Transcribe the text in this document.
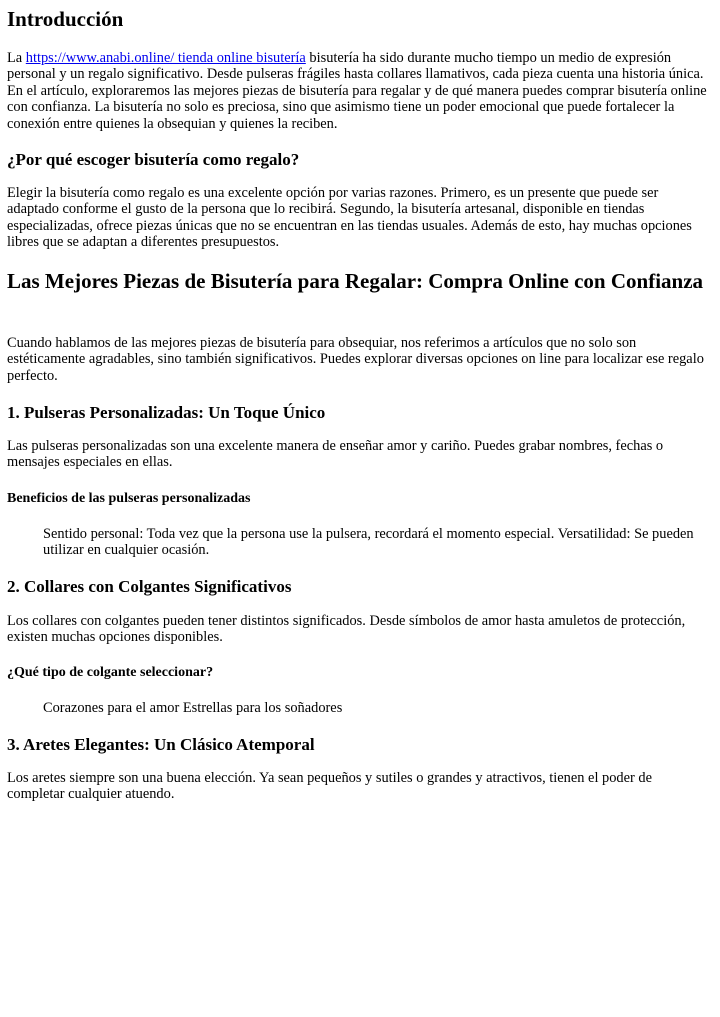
Introducción

La https://www.anabi.online/ tienda online bisutería bisutería ha sido durante mucho tiempo un medio de expresión personal y un regalo significativo. Desde pulseras frágiles hasta collares llamativos, cada pieza cuenta una historia única. En el artículo, exploraremos las mejores piezas de bisutería para regalar y de qué manera puedes comprar bisutería online con confianza. La bisutería no solo es preciosa, sino que asimismo tiene un poder emocional que puede fortalecer la conexión entre quienes la obsequian y quienes la reciben.

¿Por qué escoger bisutería como regalo?

Elegir la bisutería como regalo es una excelente opción por varias razones. Primero, es un presente que puede ser adaptado conforme el gusto de la persona que lo recibirá. Segundo, la bisutería artesanal, disponible en tiendas especializadas, ofrece piezas únicas que no se encuentran en las tiendas usuales. Además de esto, hay muchas opciones libres que se adaptan a diferentes presupuestos.

Las Mejores Piezas de Bisutería para Regalar: Compra Online con Confianza

Cuando hablamos de las mejores piezas de bisutería para obsequiar, nos referimos a artículos que no solo son estéticamente agradables, sino también significativos. Puedes explorar diversas opciones on line para localizar ese regalo perfecto.

1. Pulseras Personalizadas: Un Toque Único

Las pulseras personalizadas son una excelente manera de enseñar amor y cariño. Puedes grabar nombres, fechas o mensajes especiales en ellas.

Beneficios de las pulseras personalizadas

Sentido personal: Toda vez que la persona use la pulsera, recordará el momento especial. Versatilidad: Se pueden utilizar en cualquier ocasión.

2. Collares con Colgantes Significativos

Los collares con colgantes pueden tener distintos significados. Desde símbolos de amor hasta amuletos de protección, existen muchas opciones disponibles.

¿Qué tipo de colgante seleccionar?

Corazones para el amor Estrellas para los soñadores

3. Aretes Elegantes: Un Clásico Atemporal

Los aretes siempre son una buena elección. Ya sean pequeños y sutiles o grandes y atractivos, tienen el poder de completar cualquier atuendo.
